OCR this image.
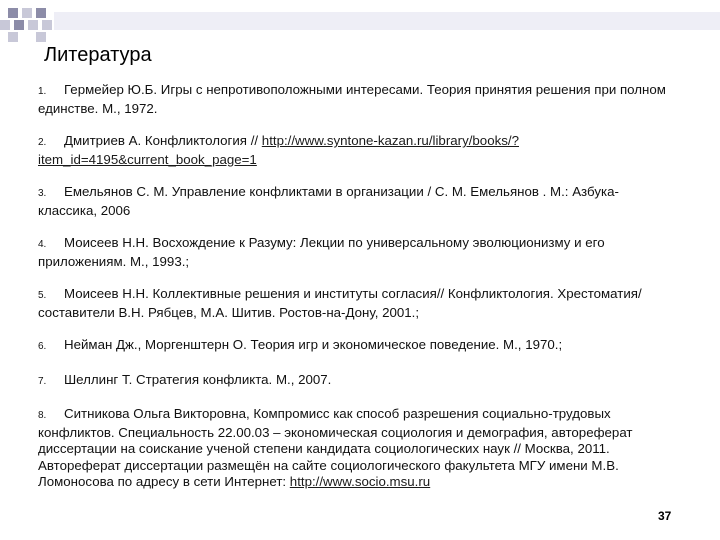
Литература

1. Гермейер Ю.Б. Игры с непротивоположными интересами. Теория принятия решения при полном единстве. М., 1972.

2. Дмитриев А. Конфликтология // http://www.syntone-kazan.ru/library/books/?item_id=4195&current_book_page=1

3. Емельянов С. М. Управление конфликтами в организации / С. М. Емельянов . М.: Азбука-классика, 2006

4. Моисеев Н.Н. Восхождение к Разуму: Лекции по универсальному эволюционизму и его приложениям. М., 1993.;

5. Моисеев Н.Н. Коллективные решения и институты согласия// Конфликтология. Хрестоматия/ составители В.Н. Рябцев, М.А. Шитив. Ростов-на-Дону, 2001.;

6. Нейман Дж., Моргенштерн О. Теория игр и экономическое поведение. М., 1970.;

7. Шеллинг Т. Стратегия конфликта. М., 2007.

8. Ситникова Ольга Викторовна, Компромисс как способ разрешения социально-трудовых конфликтов. Специальность 22.00.03 – экономическая социология и демография, автореферат диссертации на соискание ученой степени кандидата социологических наук // Москва, 2011. Автореферат диссертации размещён на сайте социологического факультета МГУ имени М.В. Ломоносова по адресу в сети Интернет: http://www.socio.msu.ru

37
